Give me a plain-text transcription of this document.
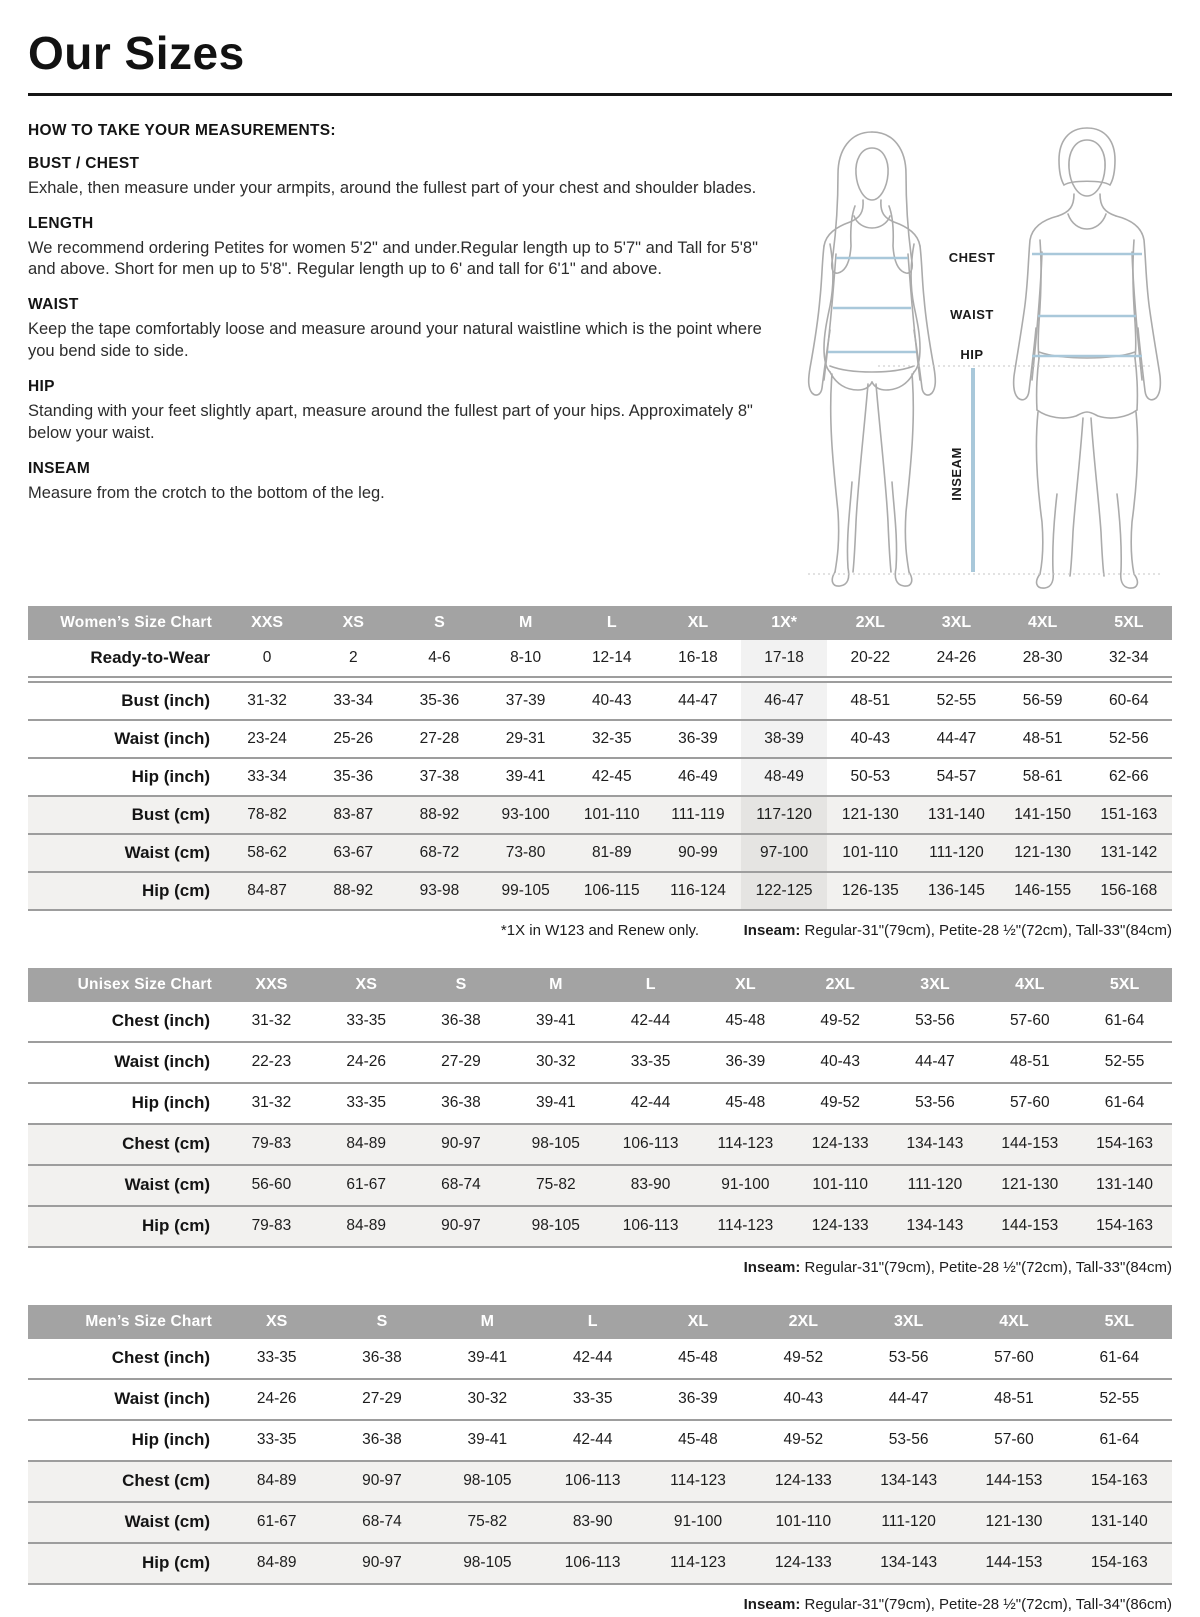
Our Sizes

HOW TO TAKE YOUR MEASUREMENTS:

BUST / CHEST

Exhale, then measure under your armpits, around the fullest part of your chest and shoulder blades.

LENGTH

We recommend ordering Petites for women 5'2" and under.Regular length up to 5'7" and Tall for 5'8" and above. Short for men up to 5'8". Regular length up to 6' and tall for 6'1" and above.

WAIST

Keep the tape comfortably loose and measure around your natural waistline which is the point where you bend side to side.

HIP

Standing with your feet slightly apart, measure around the fullest part of your hips. Approximately 8" below your waist.

INSEAM

Measure from the crotch to the bottom of the leg.

CHEST
WAIST
HIP
INSEAM
Women’s Size Chart	XXS	XS	S	M	L	XL	1X*	2XL	3XL	4XL	5XL
Ready-to-Wear	0	2	4-6	8-10	12-14	16-18	17-18	20-22	24-26	28-30	32-34
Bust (inch)	31-32	33-34	35-36	37-39	40-43	44-47	46-47	48-51	52-55	56-59	60-64
Waist (inch)	23-24	25-26	27-28	29-31	32-35	36-39	38-39	40-43	44-47	48-51	52-56
Hip (inch)	33-34	35-36	37-38	39-41	42-45	46-49	48-49	50-53	54-57	58-61	62-66
Bust (cm)	78-82	83-87	88-92	93-100	101-110	111-119	117-120	121-130	131-140	141-150	151-163
Waist (cm)	58-62	63-67	68-72	73-80	81-89	90-99	97-100	101-110	111-120	121-130	131-142
Hip (cm)	84-87	88-92	93-98	99-105	106-115	116-124	122-125	126-135	136-145	146-155	156-168
*1X in W123 and Renew only.	Inseam: Regular-31"(79cm), Petite-28 ½"(72cm), Tall-33"(84cm)
Unisex Size Chart	XXS	XS	S	M	L	XL	2XL	3XL	4XL	5XL
Chest (inch)	31-32	33-35	36-38	39-41	42-44	45-48	49-52	53-56	57-60	61-64
Waist (inch)	22-23	24-26	27-29	30-32	33-35	36-39	40-43	44-47	48-51	52-55
Hip (inch)	31-32	33-35	36-38	39-41	42-44	45-48	49-52	53-56	57-60	61-64
Chest (cm)	79-83	84-89	90-97	98-105	106-113	114-123	124-133	134-143	144-153	154-163
Waist (cm)	56-60	61-67	68-74	75-82	83-90	91-100	101-110	111-120	121-130	131-140
Hip (cm)	79-83	84-89	90-97	98-105	106-113	114-123	124-133	134-143	144-153	154-163
Inseam: Regular-31"(79cm), Petite-28 ½"(72cm), Tall-33"(84cm)
Men’s Size Chart	XS	S	M	L	XL	2XL	3XL	4XL	5XL
Chest (inch)	33-35	36-38	39-41	42-44	45-48	49-52	53-56	57-60	61-64
Waist (inch)	24-26	27-29	30-32	33-35	36-39	40-43	44-47	48-51	52-55
Hip (inch)	33-35	36-38	39-41	42-44	45-48	49-52	53-56	57-60	61-64
Chest (cm)	84-89	90-97	98-105	106-113	114-123	124-133	134-143	144-153	154-163
Waist (cm)	61-67	68-74	75-82	83-90	91-100	101-110	111-120	121-130	131-140
Hip (cm)	84-89	90-97	98-105	106-113	114-123	124-133	134-143	144-153	154-163
Inseam: Regular-31"(79cm), Petite-28 ½"(72cm), Tall-34"(86cm)
